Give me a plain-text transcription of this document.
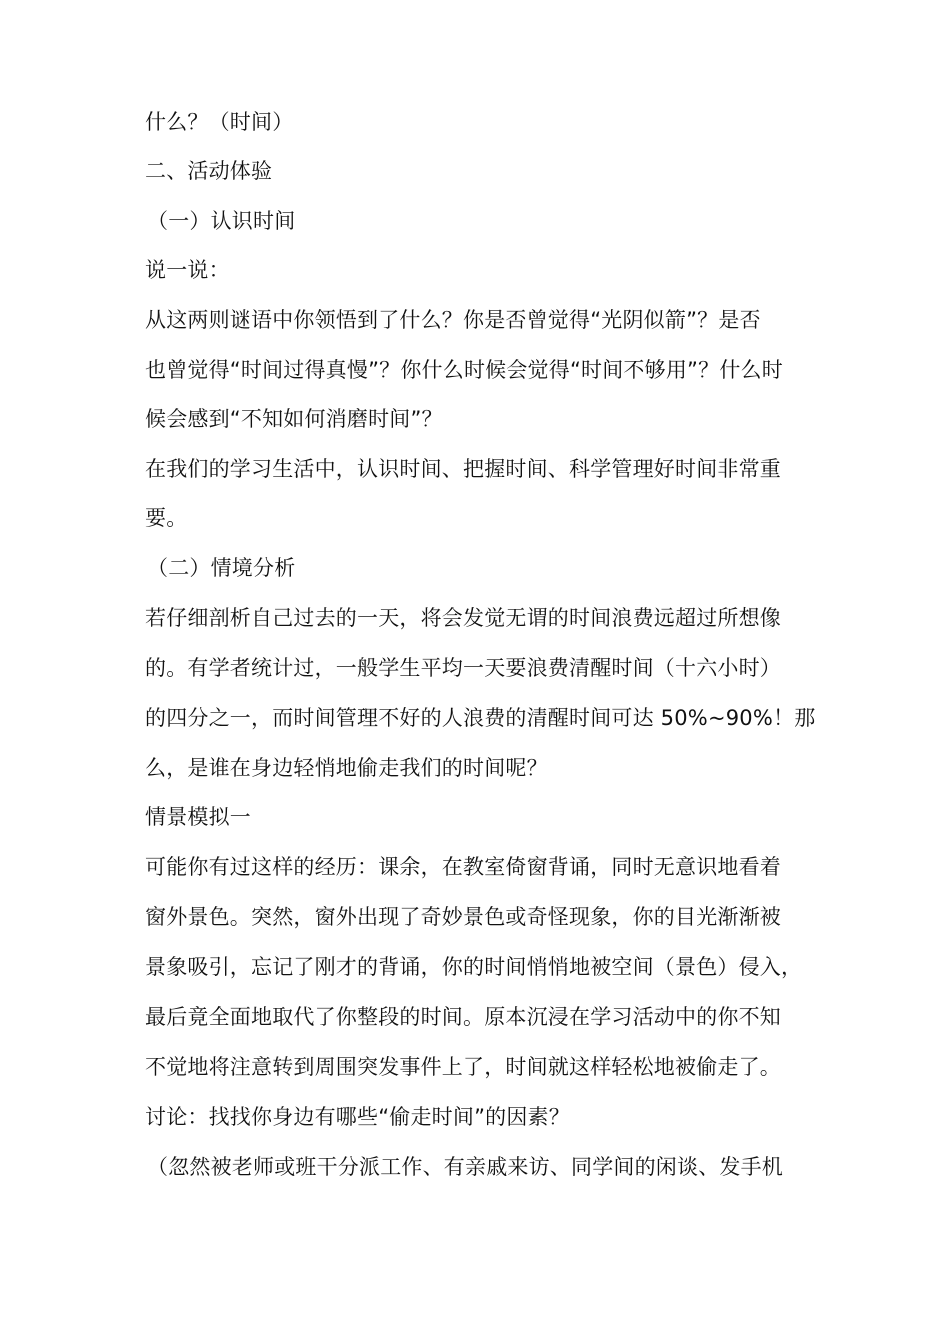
什么？（时间）
二、活动体验
（一）认识时间
说一说：
从这两则谜语中你领悟到了什么？你是否曾觉得“光阴似箭”？是否
也曾觉得“时间过得真慢”？你什么时候会觉得“时间不够用”？什么时
候会感到“不知如何消磨时间”？
在我们的学习生活中，认识时间、把握时间、科学管理好时间非常重
要。
（二）情境分析
若仔细剖析自己过去的一天，将会发觉无谓的时间浪费远超过所想像
的。有学者统计过，一般学生平均一天要浪费清醒时间（十六小时）
的四分之一，而时间管理不好的人浪费的清醒时间可达 50%~90%！那
么，是谁在身边轻悄地偷走我们的时间呢？
情景模拟一
可能你有过这样的经历：课余，在教室倚窗背诵，同时无意识地看着
窗外景色。突然，窗外出现了奇妙景色或奇怪现象，你的目光渐渐被
景象吸引，忘记了刚才的背诵，你的时间悄悄地被空间（景色）侵入，
最后竟全面地取代了你整段的时间。原本沉浸在学习活动中的你不知
不觉地将注意转到周围突发事件上了，时间就这样轻松地被偷走了。
讨论：找找你身边有哪些“偷走时间”的因素？
（忽然被老师或班干分派工作、有亲戚来访、同学间的闲谈、发手机
